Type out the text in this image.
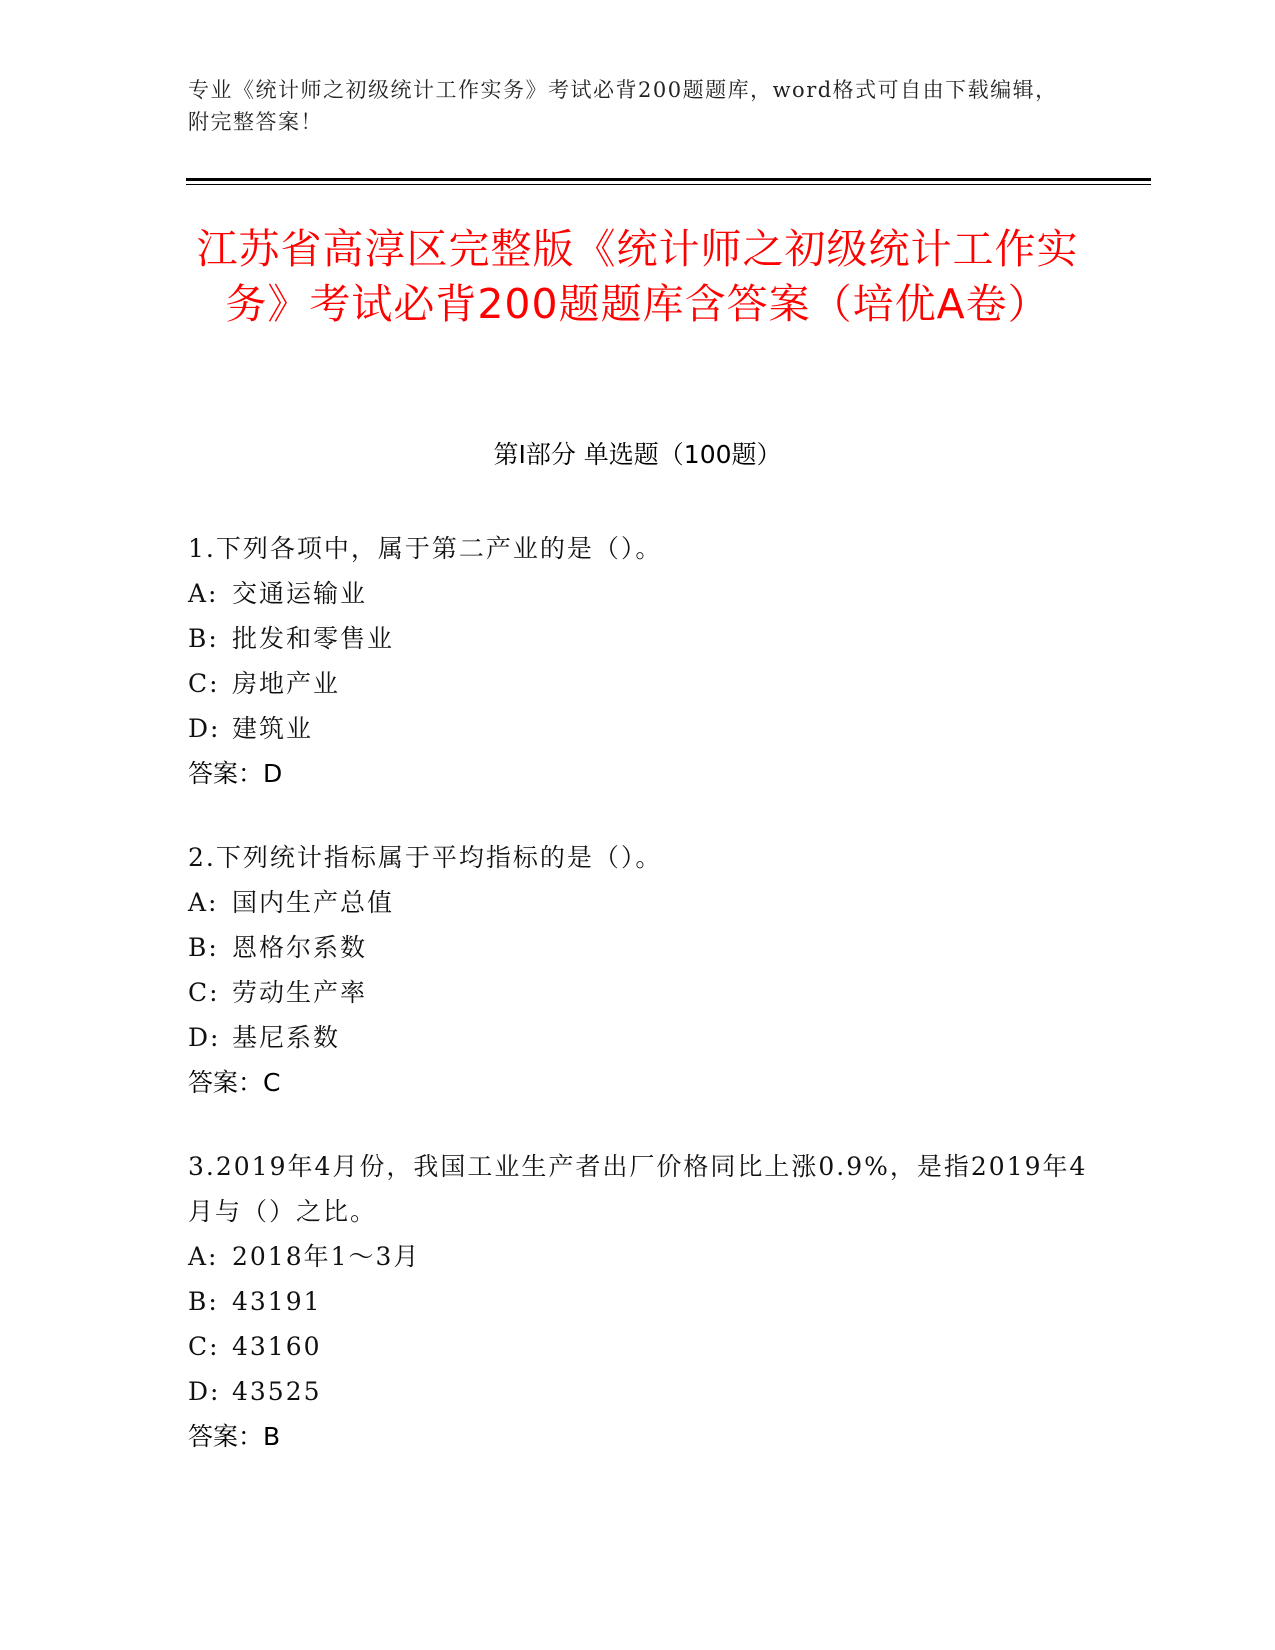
专业《统计师之初级统计工作实务》考试必背200题题库，word格式可自由下载编辑，附完整答案！
江苏省高淳区完整版《统计师之初级统计工作实务》考试必背200题题库含答案（培优A卷）
第I部分 单选题（100题）
1.下列各项中，属于第二产业的是（）。
A: 交通运输业
B: 批发和零售业
C: 房地产业
D: 建筑业
答案：D
2.下列统计指标属于平均指标的是（）。
A: 国内生产总值
B: 恩格尔系数
C: 劳动生产率
D: 基尼系数
答案：C
3.2019年4月份，我国工业生产者出厂价格同比上涨0.9%，是指2019年4月与（）之比。
A: 2018年1～3月
B: 43191
C: 43160
D: 43525
答案：B
